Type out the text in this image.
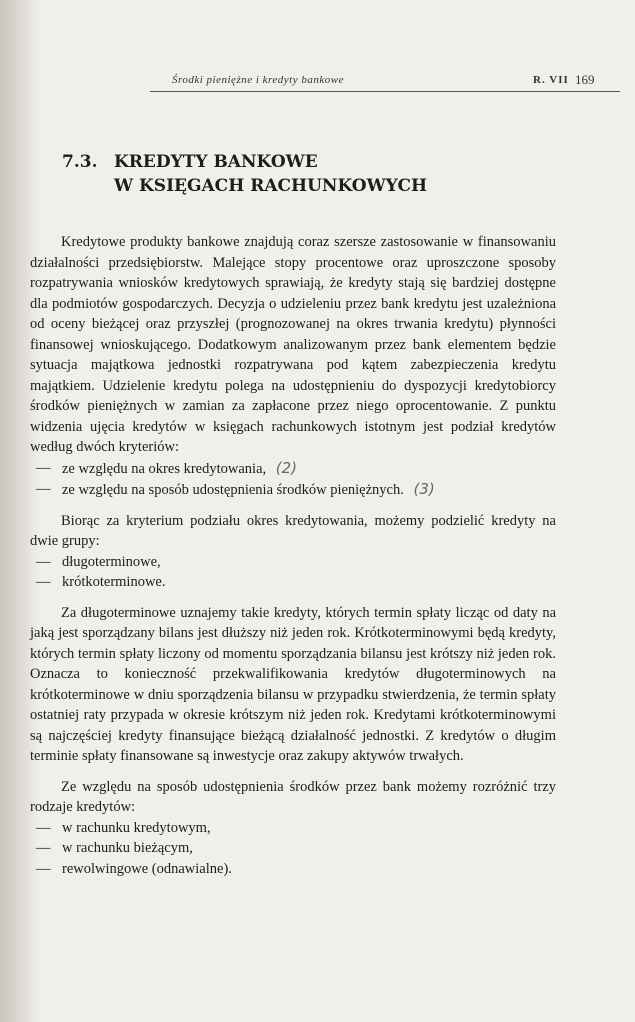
Środki pieniężne i kredyty bankowe	R. VII 169
7.3. KREDYTY BANKOWE
W KSIĘGACH RACHUNKOWYCH

Kredytowe produkty bankowe znajdują coraz szersze zastosowanie w finansowaniu działalności przedsiębiorstw. Malejące stopy procentowe oraz uproszczone sposoby rozpatrywania wniosków kredytowych sprawiają, że kredyty stają się bardziej dostępne dla podmiotów gospodarczych. Decyzja o udzieleniu przez bank kredytu jest uzależniona od oceny bieżącej oraz przyszłej (prognozowanej na okres trwania kredytu) płynności finansowej wnioskującego. Dodatkowym analizowanym przez bank elementem będzie sytuacja majątkowa jednostki rozpatrywana pod kątem zabezpieczenia kredytu majątkiem. Udzielenie kredytu polega na udostępnieniu do dyspozycji kredytobiorcy środków pieniężnych w zamian za zapłacone przez niego oprocentowanie. Z punktu widzenia ujęcia kredytów w księgach rachunkowych istotnym jest podział kredytów według dwóch kryteriów:

— ze względu na okres kredytowania, (2)
— ze względu na sposób udostępnienia środków pieniężnych. (3)

Biorąc za kryterium podziału okres kredytowania, możemy podzielić kredyty na dwie grupy:

— długoterminowe,
— krótkoterminowe.

Za długoterminowe uznajemy takie kredyty, których termin spłaty licząc od daty na jaką jest sporządzany bilans jest dłuższy niż jeden rok. Krótkoterminowymi będą kredyty, których termin spłaty liczony od momentu sporządzania bilansu jest krótszy niż jeden rok. Oznacza to konieczność przekwalifikowania kredytów długoterminowych na krótkoterminowe w dniu sporządzenia bilansu w przypadku stwierdzenia, że termin spłaty ostatniej raty przypada w okresie krótszym niż jeden rok. Kredytami krótkoterminowymi są najczęściej kredyty finansujące bieżącą działalność jednostki. Z kredytów o długim terminie spłaty finansowane są inwestycje oraz zakupy aktywów trwałych.

Ze względu na sposób udostępnienia środków przez bank możemy rozróżnić trzy rodzaje kredytów:

— w rachunku kredytowym,
— w rachunku bieżącym,
— rewolwingowe (odnawialne).
